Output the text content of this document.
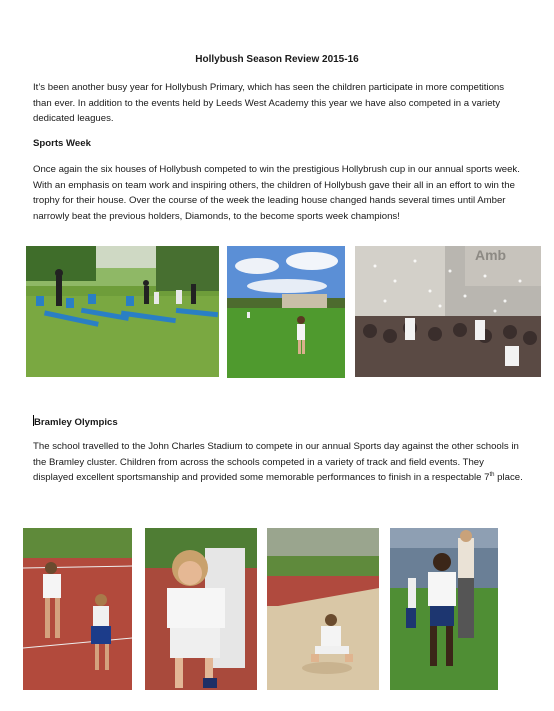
Hollybush Season Review 2015-16
It’s been another busy year for Hollybush Primary, which has seen the children participate in more competitions than ever. In addition to the events held by Leeds West Academy this year we have also competed in a variety dedicated leagues.
Sports Week
Once again the six houses of Hollybush competed to win the prestigious Hollybrush cup in our annual sports week. With an emphasis on team work and inspiring others, the children of Hollybush gave their all in an effort to win the trophy for their house. Over the course of the week the leading house changed hands several times until Amber narrowly beat the previous holders, Diamonds, to the become sports week champions!
Amb
Bramley Olympics
The school travelled to the John Charles Stadium to compete in our annual Sports day against the other schools in the Bramley cluster. Children from across the schools competed in a variety of track and field events. They displayed excellent sportsmanship and provided some memorable performances to finish in a respectable 7th place.
